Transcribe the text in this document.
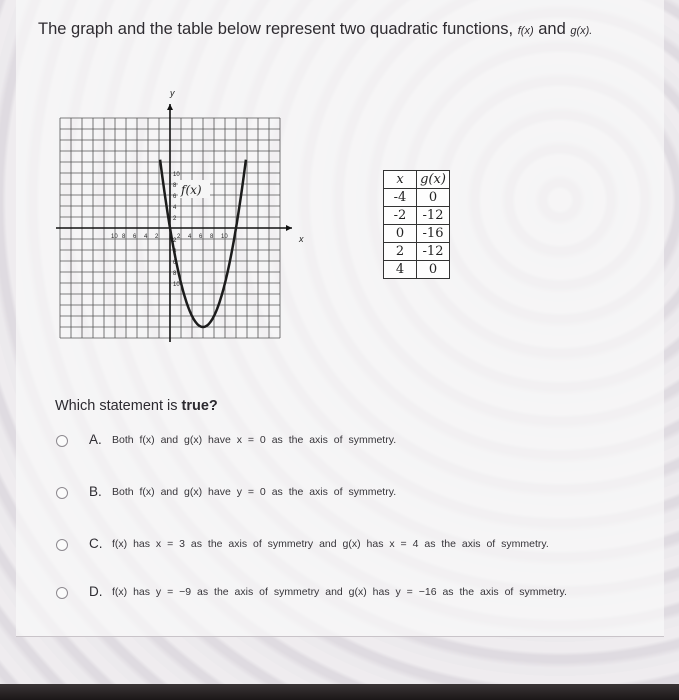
The graph and the table below represent two quadratic functions, f(x) and g(x).
10 8 6 4 2	2 4 6 8 10
10
8
6
4
2
2
4
6
8
10
f(x)
y
x
x	g(x)
-4	0
-2	-12
0	-16
2	-12
4	0
Which statement is true?
A. Both f(x) and g(x) have x = 0 as the axis of symmetry.
B. Both f(x) and g(x) have y = 0 as the axis of symmetry.
C. f(x) has x = 3 as the axis of symmetry and g(x) has x = 4 as the axis of symmetry.
D. f(x) has y = −9 as the axis of symmetry and g(x) has y = −16 as the axis of symmetry.
